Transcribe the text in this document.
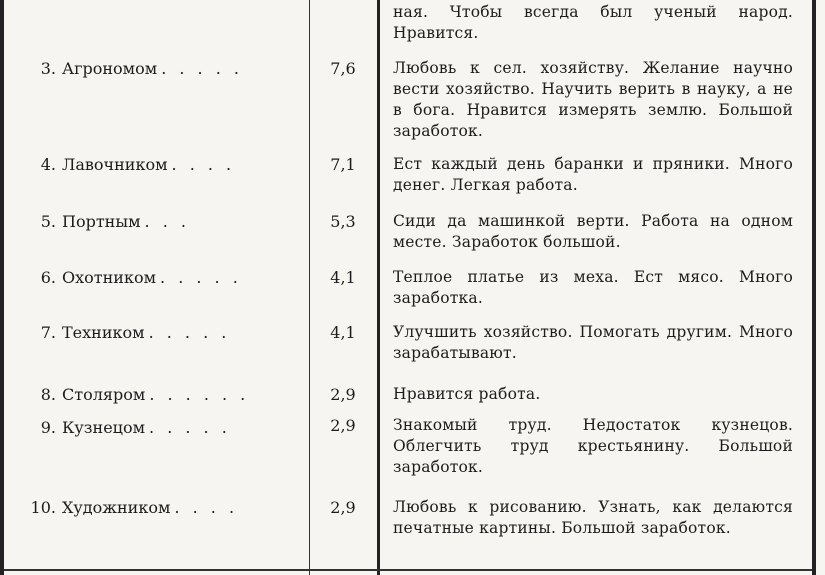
ная. Чтобы всегда был ученый народ. Нравится.
3. Агрономом . . . . .	7,6	Любовь к сел. хозяйству. Желание научно вести хозяйство. Научить верить в науку, а не в бога. Нравится измерять землю. Большой заработок.
4. Лавочником . . . .	7,1	Ест каждый день баранки и пряники. Много денег. Легкая работа.
5. Портным . . .	5,3	Сиди да машинкой верти. Работа на одном месте. Заработок большой.
6. Охотником . . . . .	4,1	Теплое платье из меха. Ест мясо. Много заработка.
7. Техником . . . . .	4,1	Улучшить хозяйство. Помогать другим. Много зарабатывают.
8. Столяром . . . . . .	2,9	Нравится работа.
9. Кузнецом . . . . .	2,9	Знакомый труд. Недостаток кузнецов. Облегчить труд крестьянину. Большой заработок.
10. Художником . . . .	2,9	Любовь к рисованию. Узнать, как делаются печатные картины. Большой заработок.
